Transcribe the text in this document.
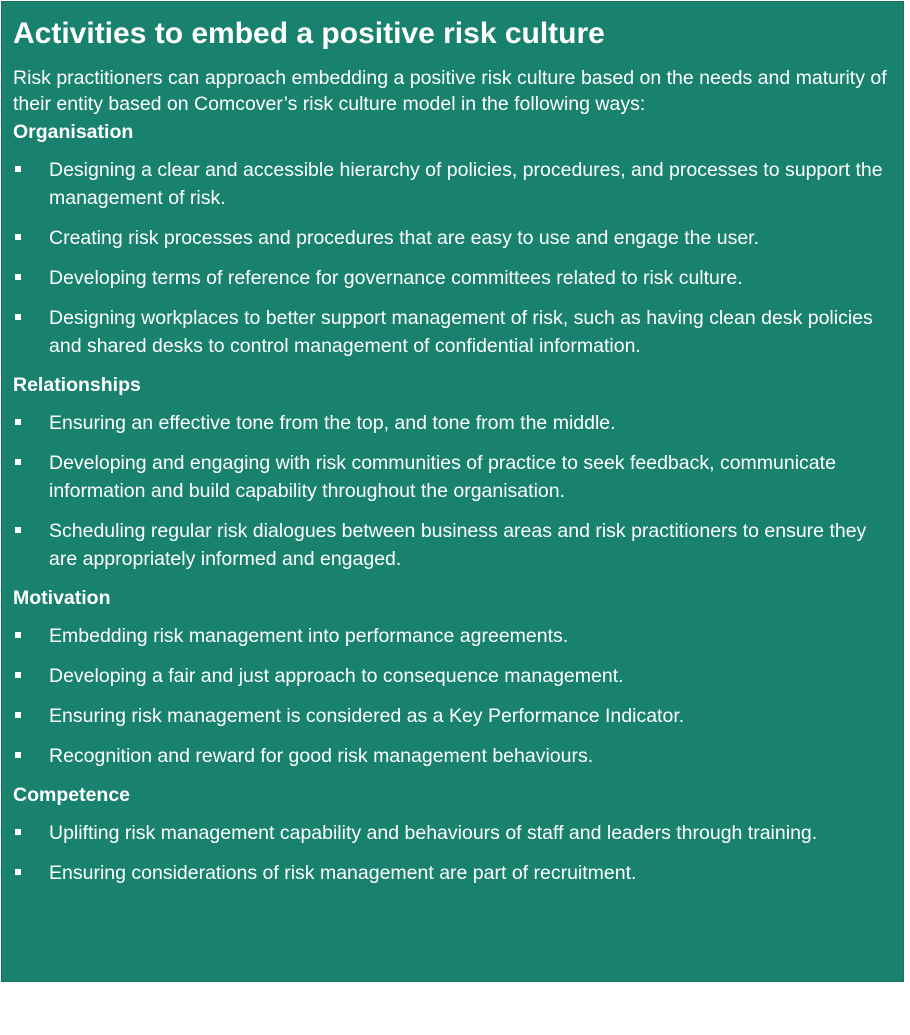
Activities to embed a positive risk culture

Risk practitioners can approach embedding a positive risk culture based on the needs and maturity of their entity based on Comcover’s risk culture model in the following ways:

Organisation
Designing a clear and accessible hierarchy of policies, procedures, and processes to support the management of risk.
Creating risk processes and procedures that are easy to use and engage the user.
Developing terms of reference for governance committees related to risk culture.
Designing workplaces to better support management of risk, such as having clean desk policies and shared desks to control management of confidential information.
Relationships
Ensuring an effective tone from the top, and tone from the middle.
Developing and engaging with risk communities of practice to seek feedback, communicate information and build capability throughout the organisation.
Scheduling regular risk dialogues between business areas and risk practitioners to ensure they are appropriately informed and engaged.
Motivation
Embedding risk management into performance agreements.
Developing a fair and just approach to consequence management.
Ensuring risk management is considered as a Key Performance Indicator.
Recognition and reward for good risk management behaviours.
Competence
Uplifting risk management capability and behaviours of staff and leaders through training.
Ensuring considerations of risk management are part of recruitment.
